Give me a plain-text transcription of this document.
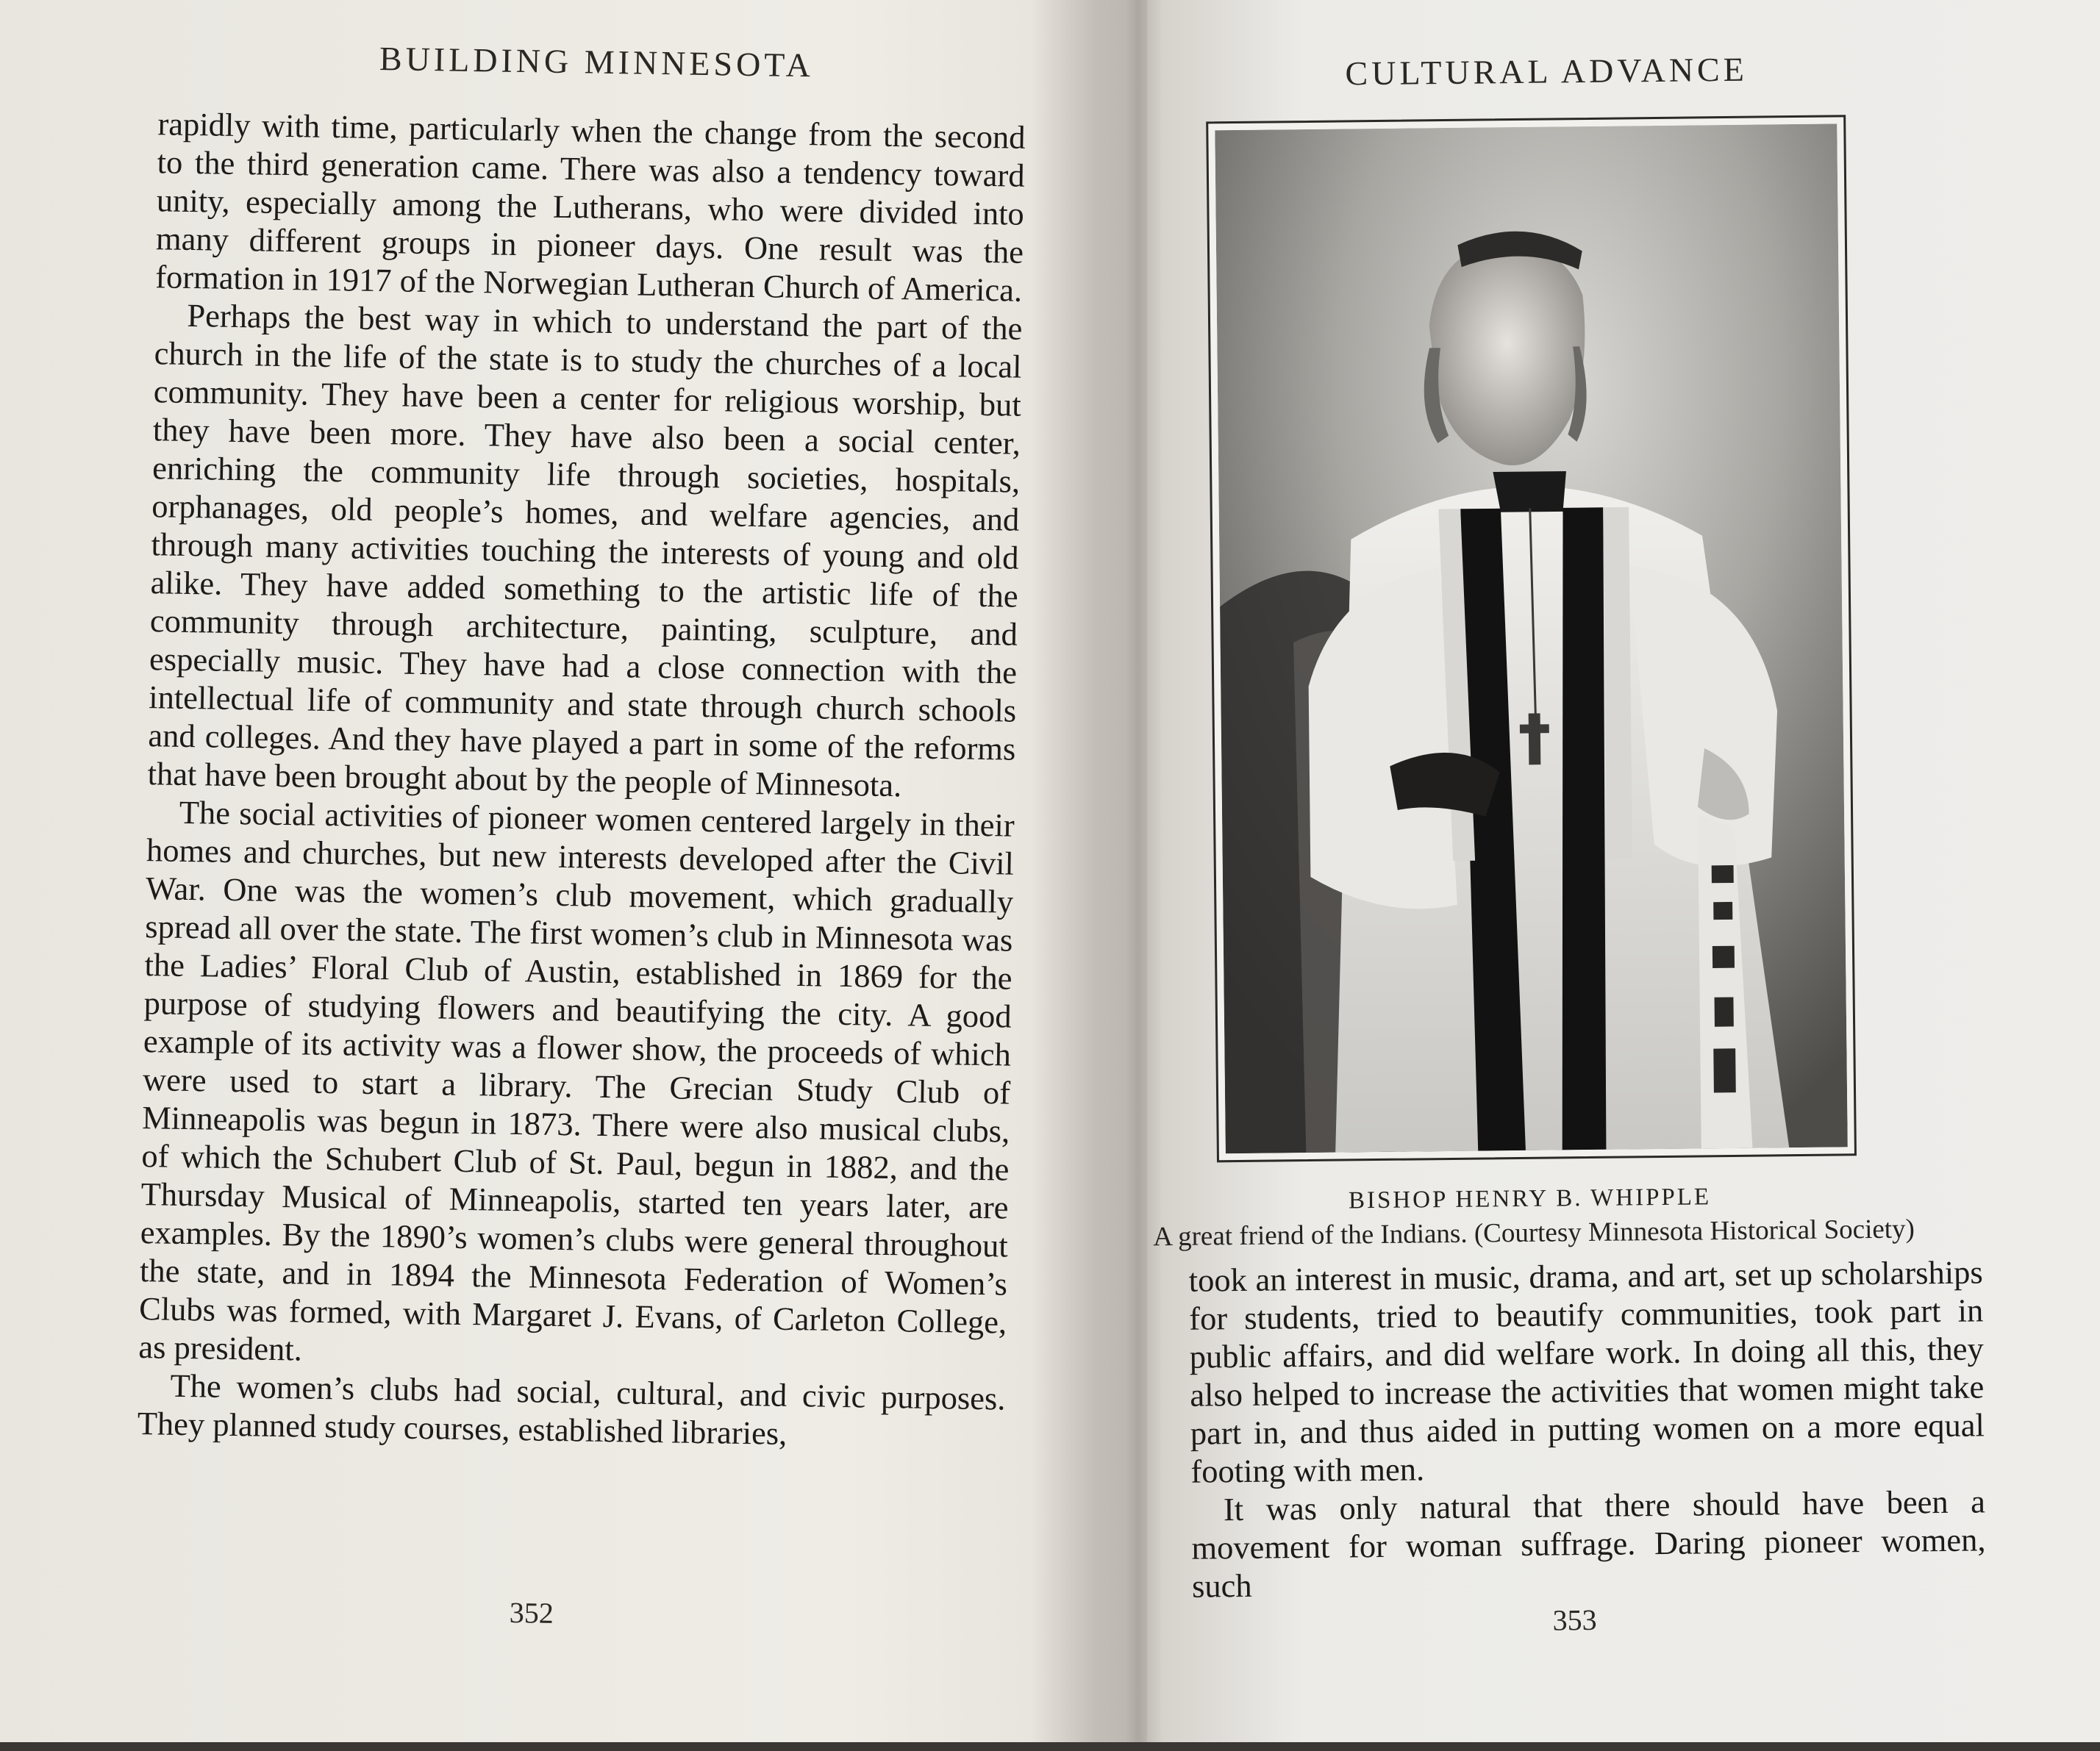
BUILDING MINNESOTA

rapidly with time, particularly when the change from the second to the third generation came. There was also a tendency toward unity, especially among the Lutherans, who were divided into many different groups in pioneer days. One result was the formation in 1917 of the Norwegian Lutheran Church of America.

Perhaps the best way in which to understand the part of the church in the life of the state is to study the churches of a local community. They have been a center for religious worship, but they have been more. They have also been a social center, enriching the community life through societies, hospitals, orphanages, old people’s homes, and welfare agencies, and through many activities touching the interests of young and old alike. They have added something to the artistic life of the community through architecture, painting, sculpture, and especially music. They have had a close connection with the intellectual life of community and state through church schools and colleges. And they have played a part in some of the reforms that have been brought about by the people of Minnesota.

The social activities of pioneer women centered largely in their homes and churches, but new interests developed after the Civil War. One was the women’s club movement, which gradually spread all over the state. The first women’s club in Minnesota was the Ladies’ Floral Club of Austin, established in 1869 for the purpose of studying flowers and beautifying the city. A good example of its activity was a flower show, the proceeds of which were used to start a library. The Grecian Study Club of Minneapolis was begun in 1873. There were also musical clubs, of which the Schubert Club of St. Paul, begun in 1882, and the Thursday Musical of Minneapolis, started ten years later, are examples. By the 1890’s women’s clubs were general throughout the state, and in 1894 the Minnesota Federation of Women’s Clubs was formed, with Margaret J. Evans, of Carleton College, as president.

The women’s clubs had social, cultural, and civic purposes. They planned study courses, established libraries,

352
CULTURAL ADVANCE
BISHOP HENRY B. WHIPPLE
A great friend of the Indians. (Courtesy Minnesota Historical Society)

took an interest in music, drama, and art, set up scholarships for students, tried to beautify communities, took part in public affairs, and did welfare work. In doing all this, they also helped to increase the activities that women might take part in, and thus aided in putting women on a more equal footing with men.

It was only natural that there should have been a movement for woman suffrage. Daring pioneer women, such

353
